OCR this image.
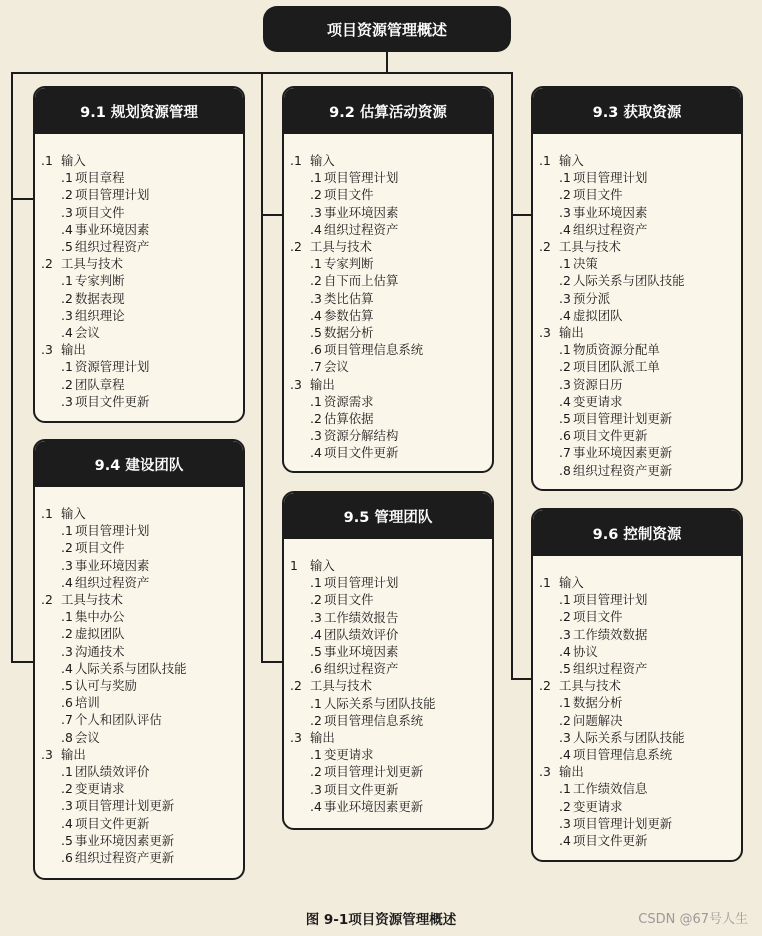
项目资源管理概述
9.1 规划资源管理
.1 输入
.1 项目章程
.2 项目管理计划
.3 项目文件
.4 事业环境因素
.5 组织过程资产
.2 工具与技术
.1 专家判断
.2 数据表现
.3 组织理论
.4 会议
.3 输出
.1 资源管理计划
.2 团队章程
.3 项目文件更新
9.2 估算活动资源
.1 输入
.1 项目管理计划
.2 项目文件
.3 事业环境因素
.4 组织过程资产
.2 工具与技术
.1 专家判断
.2 自下而上估算
.3 类比估算
.4 参数估算
.5 数据分析
.6 项目管理信息系统
.7 会议
.3 输出
.1 资源需求
.2 估算依据
.3 资源分解结构
.4 项目文件更新
9.3 获取资源
.1 输入
.1 项目管理计划
.2 项目文件
.3 事业环境因素
.4 组织过程资产
.2 工具与技术
.1 决策
.2 人际关系与团队技能
.3 预分派
.4 虚拟团队
.3 输出
.1 物质资源分配单
.2 项目团队派工单
.3 资源日历
.4 变更请求
.5 项目管理计划更新
.6 项目文件更新
.7 事业环境因素更新
.8 组织过程资产更新
9.4 建设团队
.1 输入
.1 项目管理计划
.2 项目文件
.3 事业环境因素
.4 组织过程资产
.2 工具与技术
.1 集中办公
.2 虚拟团队
.3 沟通技术
.4 人际关系与团队技能
.5 认可与奖励
.6 培训
.7 个人和团队评估
.8 会议
.3 输出
.1 团队绩效评价
.2 变更请求
.3 项目管理计划更新
.4 项目文件更新
.5 事业环境因素更新
.6 组织过程资产更新
9.5 管理团队
1 输入
.1 项目管理计划
.2 项目文件
.3 工作绩效报告
.4 团队绩效评价
.5 事业环境因素
.6 组织过程资产
.2 工具与技术
.1 人际关系与团队技能
.2 项目管理信息系统
.3 输出
.1 变更请求
.2 项目管理计划更新
.3 项目文件更新
.4 事业环境因素更新
9.6 控制资源
.1 输入
.1 项目管理计划
.2 项目文件
.3 工作绩效数据
.4 协议
.5 组织过程资产
.2 工具与技术
.1 数据分析
.2 问题解决
.3 人际关系与团队技能
.4 项目管理信息系统
.3 输出
.1 工作绩效信息
.2 变更请求
.3 项目管理计划更新
.4 项目文件更新
图 9-1项目资源管理概述	CSDN @67号人生
